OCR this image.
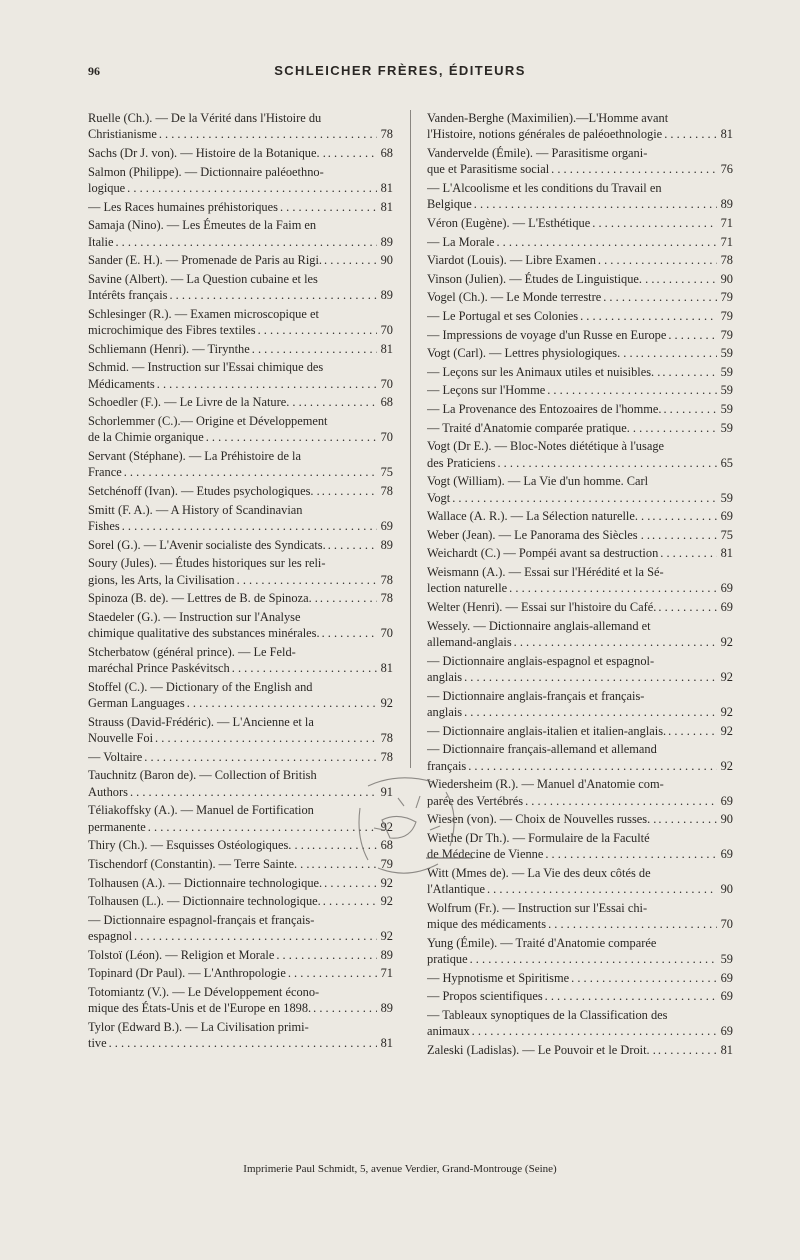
96	SCHLEICHER FRÈRES, ÉDITEURS
Ruelle (Ch.). — De la Vérité dans l'Histoire du
Christianisme . . .	78
Sachs (Dr J. von). — Histoire de la Botanique. . . . .	68
Salmon (Philippe). — Dictionnaire paléoethno-
logique . . .	81
— Les Races humaines préhistoriques . . .	81
Samaja (Nino). — Les Émeutes de la Faim en
Italie . . .	89
Sander (E. H.). — Promenade de Paris au Rigi. . . .	90
Savine (Albert). — La Question cubaine et les
Intérêts français . . .	89
Schlesinger (R.). — Examen microscopique et
microchimique des Fibres textiles . . .	70
Schliemann (Henri). — Tirynthe . . .	81
Schmid. — Instruction sur l'Essai chimique des
Médicaments . . .	70
Schoedler (F.). — Le Livre de la Nature. . . . . .	68
Schorlemmer (C.).— Origine et Développement
de la Chimie organique . . .	70
Servant (Stéphane). — La Préhistoire de la
France . . .	75
Setchénoff (Ivan). — Etudes psychologiques. . . . .	78
Smitt (F. A.). — A History of Scandinavian
Fishes . . .	69
Sorel (G.). — L'Avenir socialiste des Syndicats. . . .	89
Soury (Jules). — Études historiques sur les reli-
gions, les Arts, la Civilisation . . .	78
Spinoza (B. de). — Lettres de B. de Spinoza. . . . .	78
Staedeler (G.). — Instruction sur l'Analyse
chimique qualitative des substances minérales. . . .	70
Stcherbatow (général prince). — Le Feld-
maréchal Prince Paskévitsch . . .	81
Stoffel (C.). — Dictionary of the English and
German Languages . . .	92
Strauss (David-Frédéric). — L'Ancienne et la
Nouvelle Foi . . .	78
— Voltaire . . .	78
Tauchnitz (Baron de). — Collection of British
Authors . . .	91
Téliakoffsky (A.). — Manuel de Fortification
permanente . . .	92
Thiry (Ch.). — Esquisses Ostéologiques. . . . . . .	68
Tischendorf (Constantin). — Terre Sainte. . . . . .	79
Tolhausen (A.). — Dictionnaire technologique. . . .	92
Tolhausen (L.). — Dictionnaire technologique. . . .	92
— Dictionnaire espagnol-français et français-
espagnol . . .	92
Tolstoï (Léon). — Religion et Morale . . .	89
Topinard (Dr Paul). — L'Anthropologie . . .	71
Totomiantz (V.). — Le Développement écono-
mique des États-Unis et de l'Europe en 1898. . . .	89
Tylor (Edward B.). — La Civilisation primi-
tive . . .	81
Vanden-Berghe (Maximilien).—L'Homme avant
l'Histoire, notions générales de paléoethnologie . . .	81
Vandervelde (Émile). — Parasitisme organi-
que et Parasitisme social . . .	76
— L'Alcoolisme et les conditions du Travail en
Belgique . . .	89
Véron (Eugène). — L'Esthétique . . .	71
— La Morale . . .	71
Viardot (Louis). — Libre Examen . . .	78
Vinson (Julien). — Études de Linguistique. . . . . .	90
Vogel (Ch.). — Le Monde terrestre . . .	79
— Le Portugal et ses Colonies . . .	79
— Impressions de voyage d'un Russe en Europe . . .	79
Vogt (Carl). — Lettres physiologiques. . . . . . .	59
— Leçons sur les Animaux utiles et nuisibles. . . . .	59
— Leçons sur l'Homme . . .	59
— La Provenance des Entozoaires de l'homme. . . .	59
— Traité d'Anatomie comparée pratique. . . . . . .	59
Vogt (Dr E.). — Bloc-Notes diététique à l'usage
des Praticiens . . .	65
Vogt (William). — La Vie d'un homme. Carl
Vogt . . .	59
Wallace (A. R.). — La Sélection naturelle. . . . . .	69
Weber (Jean). — Le Panorama des Siècles . . . . .	75
Weichardt (C.) — Pompéi avant sa destruction . . .	81
Weismann (A.). — Essai sur l'Hérédité et la Sé-
lection naturelle . . .	69
Welter (Henri). — Essai sur l'histoire du Café. . . .	69
Wessely. — Dictionnaire anglais-allemand et
allemand-anglais . . .	92
— Dictionnaire anglais-espagnol et espagnol-
anglais . . .	92
— Dictionnaire anglais-français et français-
anglais . . .	92
— Dictionnaire anglais-italien et italien-anglais. . . .	92
— Dictionnaire français-allemand et allemand
français . . .	92
Wiedersheim (R.). — Manuel d'Anatomie com-
parée des Vertébrés . . .	69
Wiesen (von). — Choix de Nouvelles russes. . . . .	90
Wiethe (Dr Th.). — Formulaire de la Faculté
de Médecine de Vienne . . .	69
Witt (Mmes de). — La Vie des deux côtés de
l'Atlantique . . .	90
Wolfrum (Fr.). — Instruction sur l'Essai chi-
mique des médicaments . . .	70
Yung (Émile). — Traité d'Anatomie comparée
pratique . . .	59
— Hypnotisme et Spiritisme . . .	69
— Propos scientifiques . . .	69
— Tableaux synoptiques de la Classification des
animaux . . .	69
Zaleski (Ladislas). — Le Pouvoir et le Droit. . . . .	81
Imprimerie Paul Schmidt, 5, avenue Verdier, Grand-Montrouge (Seine)
